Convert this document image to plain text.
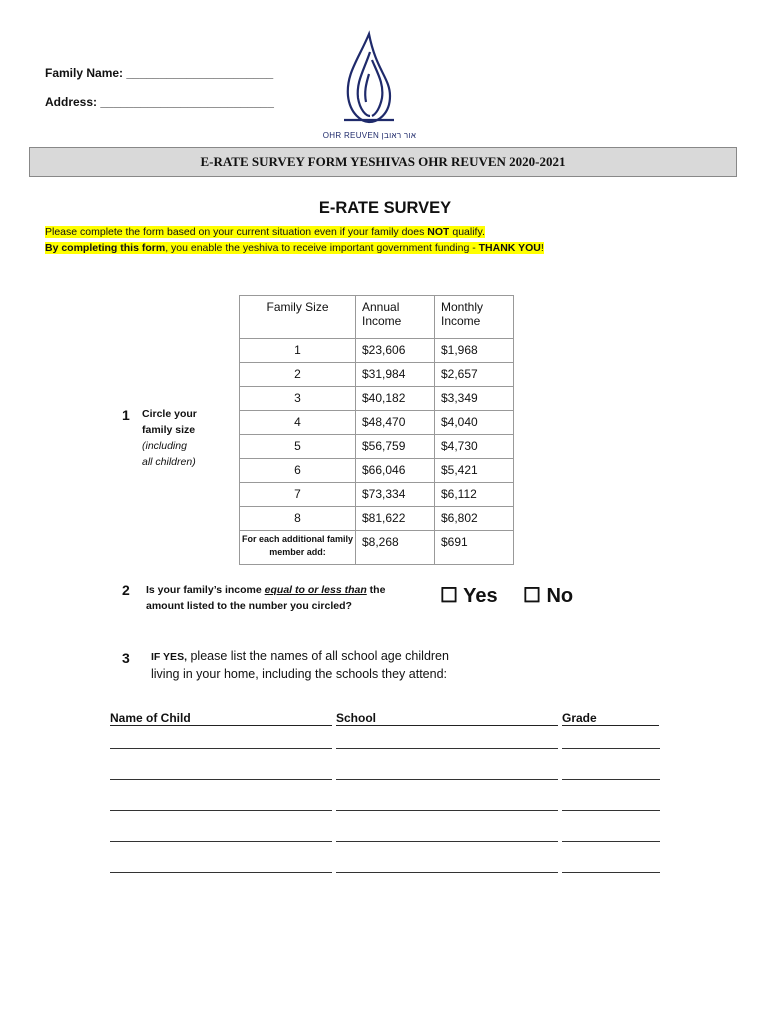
Family Name: ______________________
Address: __________________________
OHR REUVEN אור ראובן
E-RATE SURVEY FORM YESHIVAS OHR REUVEN 2020-2021
E-RATE SURVEY
Please complete the form based on your current situation even if your family does NOT qualify.
By completing this form, you enable the yeshiva to receive important government funding - THANK YOU!
Family Size	Annual Income	Monthly Income
1	$23,606	$1,968
2	$31,984	$2,657
3	$40,182	$3,349
4	$48,470	$4,040
5	$56,759	$4,730
6	$66,046	$5,421
7	$73,334	$6,112
8	$81,622	$6,802
For each additional family member add:	$8,268	$691
1 Circle your
family size
(including
all children)
2 Is your family’s income equal to or less than the
amount listed to the number you circled?	☐ Yes ☐ No
3 IF YES, please list the names of all school age children
living in your home, including the schools they attend:
Name of Child	School	Grade
